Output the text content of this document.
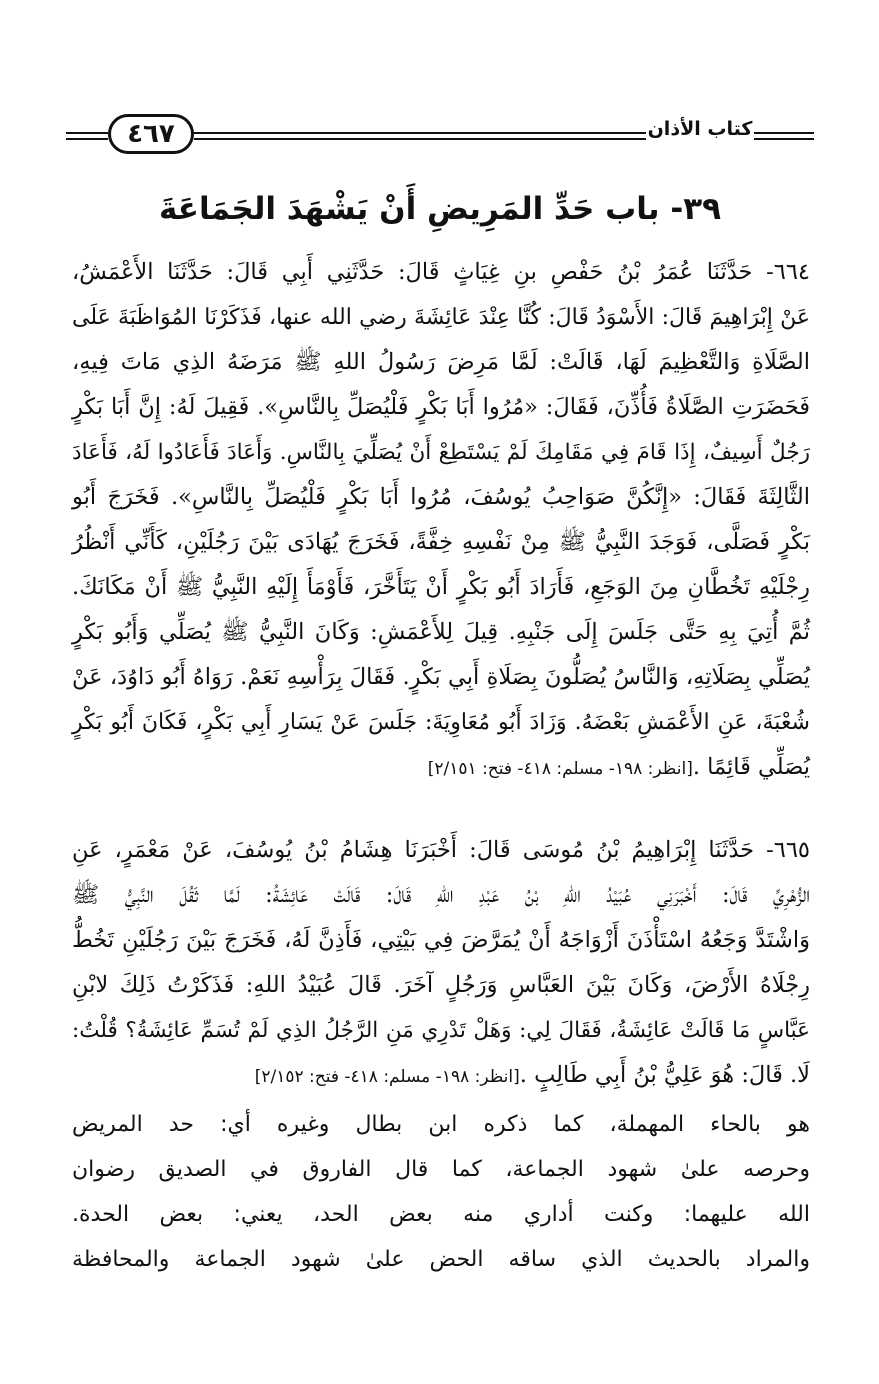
٤٦٧	كتاب الأذان
٣٩- باب حَدِّ المَرِيضِ أَنْ يَشْهَدَ الجَمَاعَةَ
٦٦٤- حَدَّثَنَا عُمَرُ بْنُ حَفْصِ بنِ غِيَاثٍ قَالَ: حَدَّثَنِي أَبِي قَالَ: حَدَّثَنَا الأَعْمَشُ،
عَنْ إِبْرَاهِيمَ قَالَ: الأَسْوَدُ قَالَ: كُنَّا عِنْدَ عَائِشَةَ رضي الله عنها، فَذَكَرْنَا المُوَاظَبَةَ عَلَى
الصَّلَاةِ وَالتَّعْظِيمَ لَهَا، قَالَتْ: لَمَّا مَرِضَ رَسُولُ اللهِ ﷺ مَرَضَهُ الذِي مَاتَ فِيهِ،
فَحَضَرَتِ الصَّلَاةُ فَأُذِّنَ، فَقَالَ: «مُرُوا أَبَا بَكْرٍ فَلْيُصَلِّ بِالنَّاسِ». فَقِيلَ لَهُ: إِنَّ أَبَا بَكْرٍ
رَجُلٌ أَسِيفٌ، إِذَا قَامَ فِي مَقَامِكَ لَمْ يَسْتَطِعْ أَنْ يُصَلِّيَ بِالنَّاسِ. وَأَعَادَ فَأَعَادُوا لَهُ، فَأَعَادَ
الثَّالِثَةَ فَقَالَ: «إِنَّكُنَّ صَوَاحِبُ يُوسُفَ، مُرُوا أَبَا بَكْرٍ فَلْيُصَلِّ بِالنَّاسِ». فَخَرَجَ أَبُو
بَكْرٍ فَصَلَّى، فَوَجَدَ النَّبِيُّ ﷺ مِنْ نَفْسِهِ خِفَّةً، فَخَرَجَ يُهَادَى بَيْنَ رَجُلَيْنِ، كَأَنِّي أَنْظُرُ
رِجْلَيْهِ تَخُطَّانِ مِنَ الوَجَعِ، فَأَرَادَ أَبُو بَكْرٍ أَنْ يَتَأَخَّرَ، فَأَوْمَأَ إِلَيْهِ النَّبِيُّ ﷺ أَنْ مَكَانَكَ.
ثُمَّ أُتِيَ بِهِ حَتَّى جَلَسَ إِلَى جَنْبِهِ. قِيلَ لِلأَعْمَشِ: وَكَانَ النَّبِيُّ ﷺ يُصَلِّي وَأَبُو بَكْرٍ
يُصَلِّي بِصَلَاتِهِ، وَالنَّاسُ يُصَلُّونَ بِصَلَاةِ أَبِي بَكْرٍ. فَقَالَ بِرَأْسِهِ نَعَمْ. رَوَاهُ أَبُو دَاوُدَ، عَنْ
شُعْبَةَ، عَنِ الأَعْمَشِ بَعْضَهُ. وَزَادَ أَبُو مُعَاوِيَةَ: جَلَسَ عَنْ يَسَارِ أَبِي بَكْرٍ، فَكَانَ أَبُو بَكْرٍ
يُصَلِّي قَائِمًا .[انظر: ١٩٨- مسلم: ٤١٨- فتح: ٢/١٥١]
٦٦٥- حَدَّثَنَا إِبْرَاهِيمُ بْنُ مُوسَى قَالَ: أَخْبَرَنَا هِشَامُ بْنُ يُوسُفَ، عَنْ مَعْمَرٍ، عَنِ
الزُّهْرِيِّ قَالَ: أَخْبَرَنِي عُبَيْدُ اللهِ بْنُ عَبْدِ اللهِ قَالَ: قَالَتْ عَائِشَةُ: لَمَّا ثَقُلَ النَّبِيُّ ﷺ
وَاشْتَدَّ وَجَعُهُ اسْتَأْذَنَ أَزْوَاجَهُ أَنْ يُمَرَّضَ فِي بَيْتِي، فَأَذِنَّ لَهُ، فَخَرَجَ بَيْنَ رَجُلَيْنِ تَخُطُّ
رِجْلَاهُ الأَرْضَ، وَكَانَ بَيْنَ العَبَّاسِ وَرَجُلٍ آخَرَ. قَالَ عُبَيْدُ اللهِ: فَذَكَرْتُ ذَلِكَ لابْنِ
عَبَّاسٍ مَا قَالَتْ عَائِشَةُ، فَقَالَ لِي: وَهَلْ تَدْرِي مَنِ الرَّجُلُ الذِي لَمْ تُسَمِّ عَائِشَةُ؟ قُلْتُ:
لَا. قَالَ: هُوَ عَلِيُّ بْنُ أَبِي طَالِبٍ .[انظر: ١٩٨- مسلم: ٤١٨- فتح: ٢/١٥٢]
هو بالحاء المهملة، كما ذكره ابن بطال وغيره أي: حد المريض
وحرصه علىٰ شهود الجماعة، كما قال الفاروق في الصديق رضوان
الله عليهما: وكنت أداري منه بعض الحد، يعني: بعض الحدة.
والمراد بالحديث الذي ساقه الحض علىٰ شهود الجماعة والمحافظة
